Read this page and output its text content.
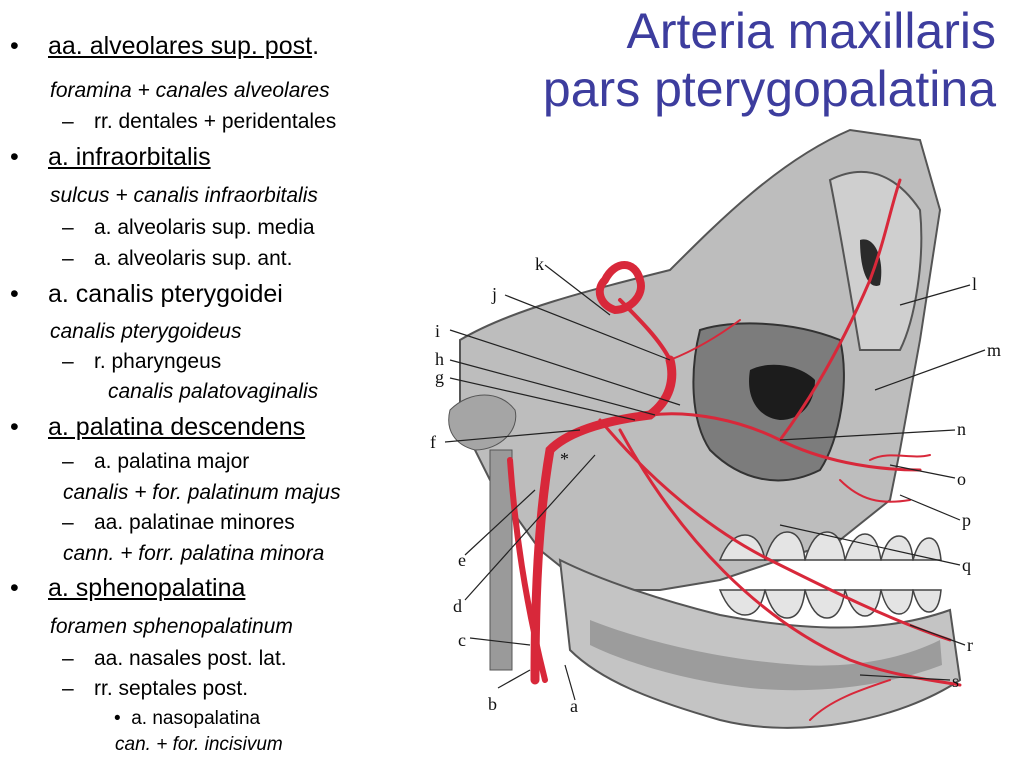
Arteria maxillaris
pars pterygopalatina
• aa. alveolares sup. post.
foramina + canales alveolares
– rr. dentales + peridentales
• a. infraorbitalis
sulcus + canalis infraorbitalis
– a. alveolaris sup. media
– a. alveolaris sup. ant.
• a. canalis pterygoidei
canalis pterygoideus
– r. pharyngeus
canalis palatovaginalis
• a. palatina descendens
– a. palatina major
canalis + for. palatinum majus
– aa. palatinae minores
cann. + forr. palatina minora
• a. sphenopalatina
foramen sphenopalatinum
– aa. nasales post. lat.
– rr. septales post.
• a. nasopalatina
can. + for. incisivum
k
j
i
h
g
f
e
d
c
b	a
l
m
n
o
p
q
r
s
*
